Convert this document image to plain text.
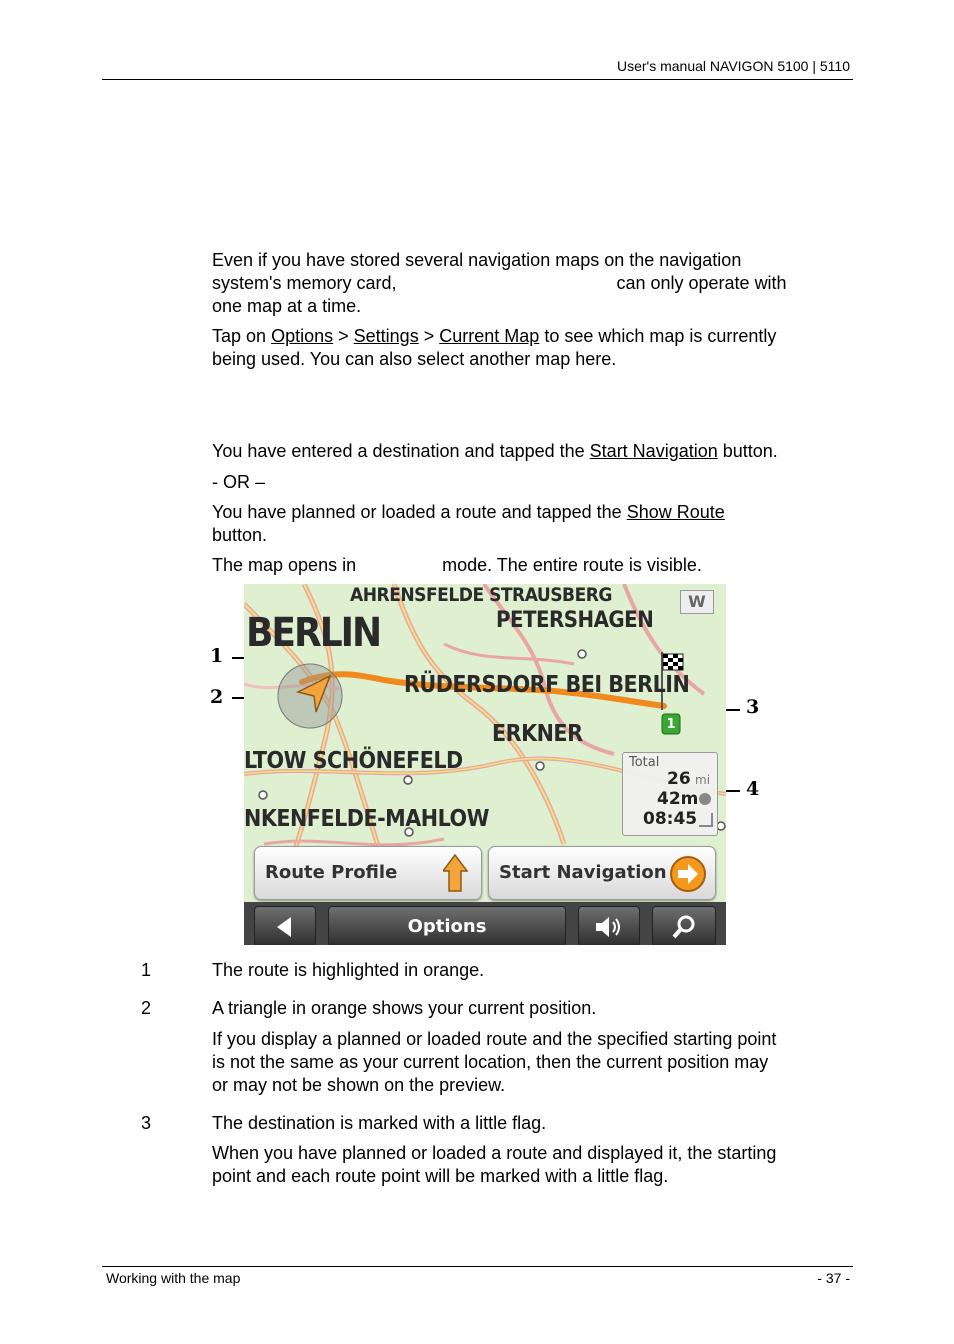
User's manual NAVIGON 5100 | 5110
Even if you have stored several navigation maps on the navigation
system's memory card,	can only operate with
one map at a time.
Tap on Options > Settings > Current Map to see which map is currently
being used. You can also select another map here.
You have entered a destination and tapped the Start Navigation button.
- OR –
You have planned or loaded a route and tapped the Show Route
button.
The map opens in	mode. The entire route is visible.
1
2	3
4
AHRENSFELDE STRAUSBERG
BERLIN	PETERSHAGEN
RÜDERSDORF BEI BERLIN
ERKNER
LTOW SCHÖNEFELD
NKENFELDE-MAHLOW
W
1
Total
26 mi
42m
08:45
Route Profile	Start Navigation
Options
1	The route is highlighted in orange.
2	A triangle in orange shows your current position.
If you display a planned or loaded route and the specified starting point
is not the same as your current location, then the current position may
or may not be shown on the preview.
3	The destination is marked with a little flag.
When you have planned or loaded a route and displayed it, the starting
point and each route point will be marked with a little flag.
Working with the map	- 37 -
